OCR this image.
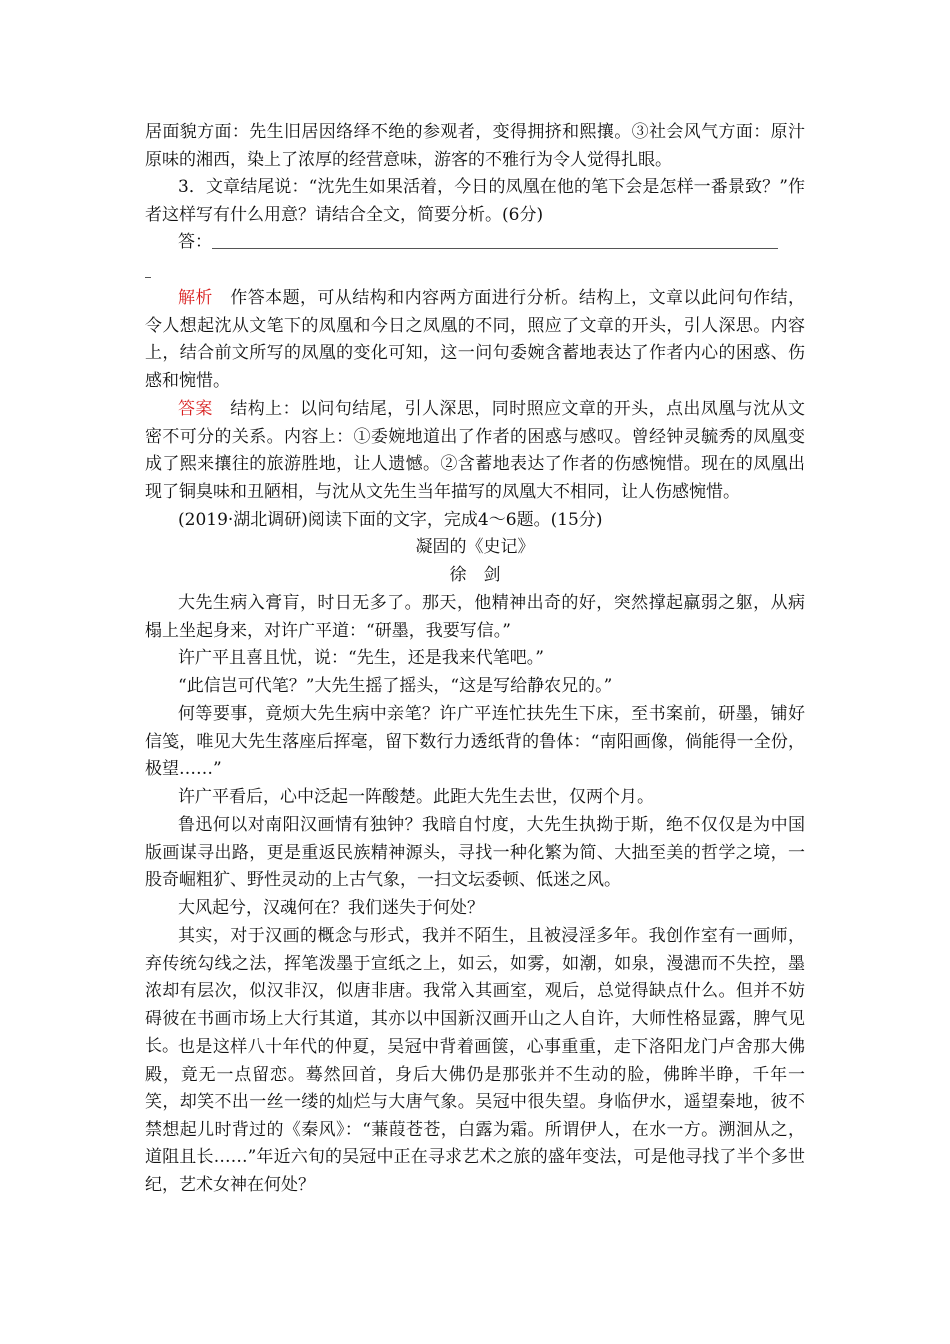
居面貌方面：先生旧居因络绎不绝的参观者，变得拥挤和熙攘。③社会风气方面：原汁原味的湘西，染上了浓厚的经营意味，游客的不雅行为令人觉得扎眼。

3．文章结尾说：“沈先生如果活着，今日的凤凰在他的笔下会是怎样一番景致？”作者这样写有什么用意？请结合全文，简要分析。(6分)

答：

解析　作答本题，可从结构和内容两方面进行分析。结构上，文章以此问句作结，令人想起沈从文笔下的凤凰和今日之凤凰的不同，照应了文章的开头，引人深思。内容上，结合前文所写的凤凰的变化可知，这一问句委婉含蓄地表达了作者内心的困惑、伤感和惋惜。

答案　结构上：以问句结尾，引人深思，同时照应文章的开头，点出凤凰与沈从文密不可分的关系。内容上：①委婉地道出了作者的困惑与感叹。曾经钟灵毓秀的凤凰变成了熙来攘往的旅游胜地，让人遗憾。②含蓄地表达了作者的伤感惋惜。现在的凤凰出现了铜臭味和丑陋相，与沈从文先生当年描写的凤凰大不相同，让人伤感惋惜。

(2019·湖北调研)阅读下面的文字，完成4～6题。(15分)

凝固的《史记》

徐　剑

大先生病入膏肓，时日无多了。那天，他精神出奇的好，突然撑起羸弱之躯，从病榻上坐起身来，对许广平道：“研墨，我要写信。”

许广平且喜且忧，说：“先生，还是我来代笔吧。”

“此信岂可代笔？”大先生摇了摇头，“这是写给静农兄的。”

何等要事，竟烦大先生病中亲笔？许广平连忙扶先生下床，至书案前，研墨，铺好信笺，唯见大先生落座后挥毫，留下数行力透纸背的鲁体：“南阳画像，倘能得一全份，极望……”

许广平看后，心中泛起一阵酸楚。此距大先生去世，仅两个月。

鲁迅何以对南阳汉画情有独钟？我暗自忖度，大先生执拗于斯，绝不仅仅是为中国版画谋寻出路，更是重返民族精神源头，寻找一种化繁为简、大拙至美的哲学之境，一股奇崛粗犷、野性灵动的上古气象，一扫文坛委顿、低迷之风。

大风起兮，汉魂何在？我们迷失于何处？

其实，对于汉画的概念与形式，我并不陌生，且被浸淫多年。我创作室有一画师，弃传统勾线之法，挥笔泼墨于宣纸之上，如云，如雾，如潮，如泉，漫漶而不失控，墨浓却有层次，似汉非汉，似唐非唐。我常入其画室，观后，总觉得缺点什么。但并不妨碍彼在书画市场上大行其道，其亦以中国新汉画开山之人自许，大师性格显露，脾气见长。 也是这样八十年代的仲夏，吴冠中背着画箧，心事重重，走下洛阳龙门卢舍那大佛殿，竟无一点留恋。蓦然回首，身后大佛仍是那张并不生动的脸，佛眸半睁，千年一笑，却笑不出一丝一缕的灿烂与大唐气象。吴冠中很失望。身临伊水，遥望秦地，彼不禁想起儿时背过的《秦风》：“蒹葭苍苍，白露为霜。所谓伊人，在水一方。溯洄从之，道阻且长……”年近六旬的吴冠中正在寻求艺术之旅的盛年变法，可是他寻找了半个多世纪，艺术女神在何处？
